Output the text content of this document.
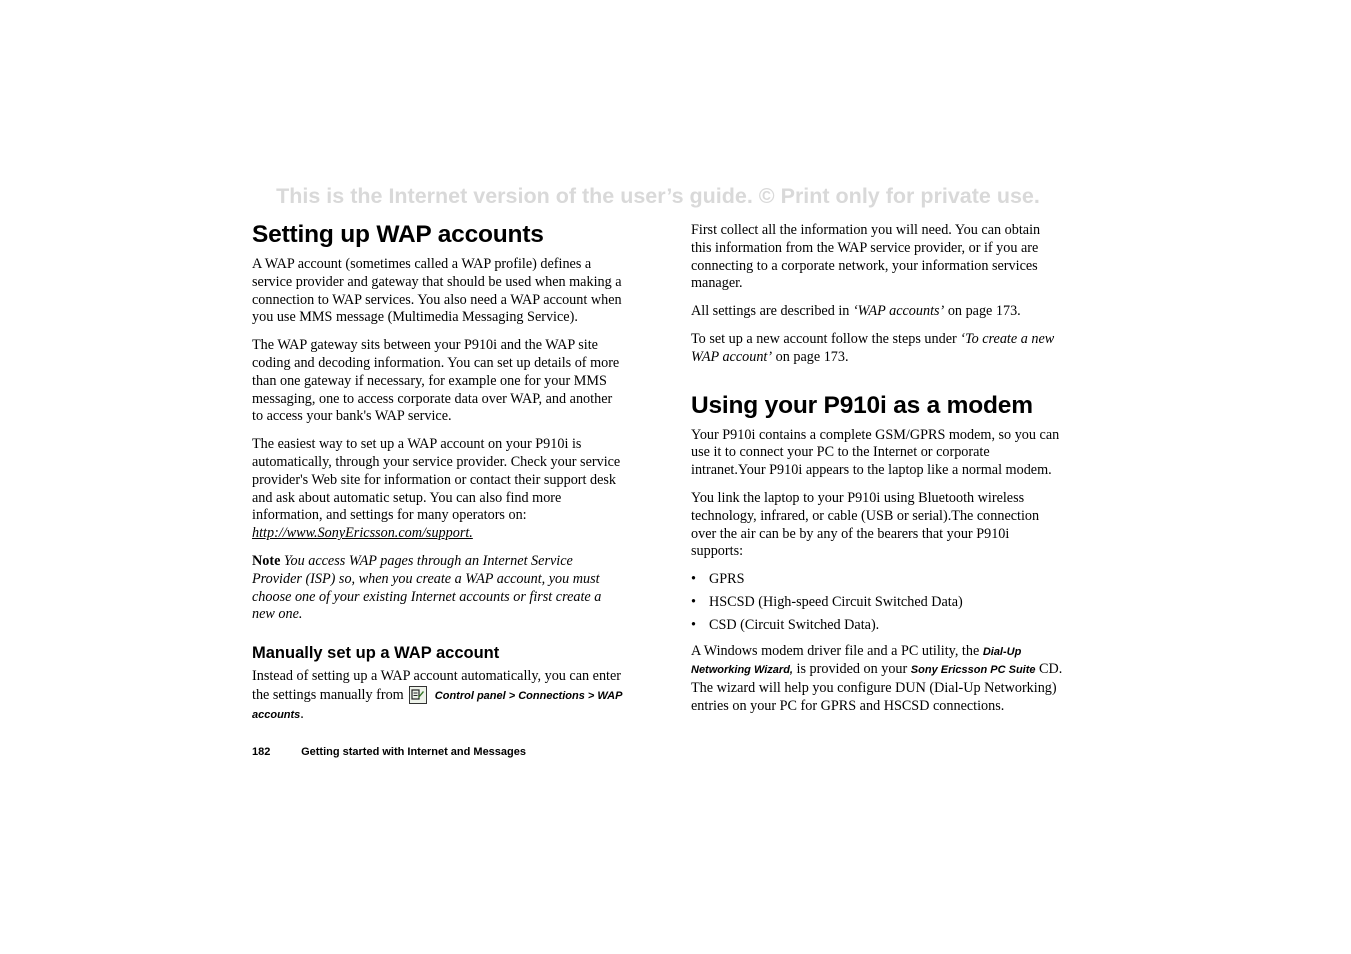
This is the Internet version of the user’s guide. © Print only for private use.
Setting up WAP accounts

A WAP account (sometimes called a WAP profile) defines a service provider and gateway that should be used when making a connection to WAP services. You also need a WAP account when you use MMS message (Multimedia Messaging Service).

The WAP gateway sits between your P910i and the WAP site coding and decoding information. You can set up details of more than one gateway if necessary, for example one for your MMS messaging, one to access corporate data over WAP, and another to access your bank's WAP service.

The easiest way to set up a WAP account on your P910i is automatically, through your service provider. Check your service provider's Web site for information or contact their support desk and ask about automatic setup. You can also find more information, and settings for many operators on: http://www.SonyEricsson.com/support.

Note You access WAP pages through an Internet Service Provider (ISP) so, when you create a WAP account, you must choose one of your existing Internet accounts or first create a new one.

Manually set up a WAP account

Instead of setting up a WAP account automatically, you can enter the settings manually from	Control panel > Connections > WAP accounts.

First collect all the information you will need. You can obtain this information from the WAP service provider, or if you are connecting to a corporate network, your information services manager.

All settings are described in ‘WAP accounts’ on page 173.

To set up a new account follow the steps under ‘To create a new WAP account’ on page 173.

Using your P910i as a modem

Your P910i contains a complete GSM/GPRS modem, so you can use it to connect your PC to the Internet or corporate intranet.Your P910i appears to the laptop like a normal modem.

You link the laptop to your P910i using Bluetooth wireless technology, infrared, or cable (USB or serial).The connection over the air can be by any of the bearers that your P910i supports:

• GPRS
• HSCSD (High-speed Circuit Switched Data)
• CSD (Circuit Switched Data).

A Windows modem driver file and a PC utility, the Dial-Up Networking Wizard, is provided on your Sony Ericsson PC Suite CD. The wizard will help you configure DUN (Dial-Up Networking) entries on your PC for GPRS and HSCSD connections.

182	Getting started with Internet and Messages
